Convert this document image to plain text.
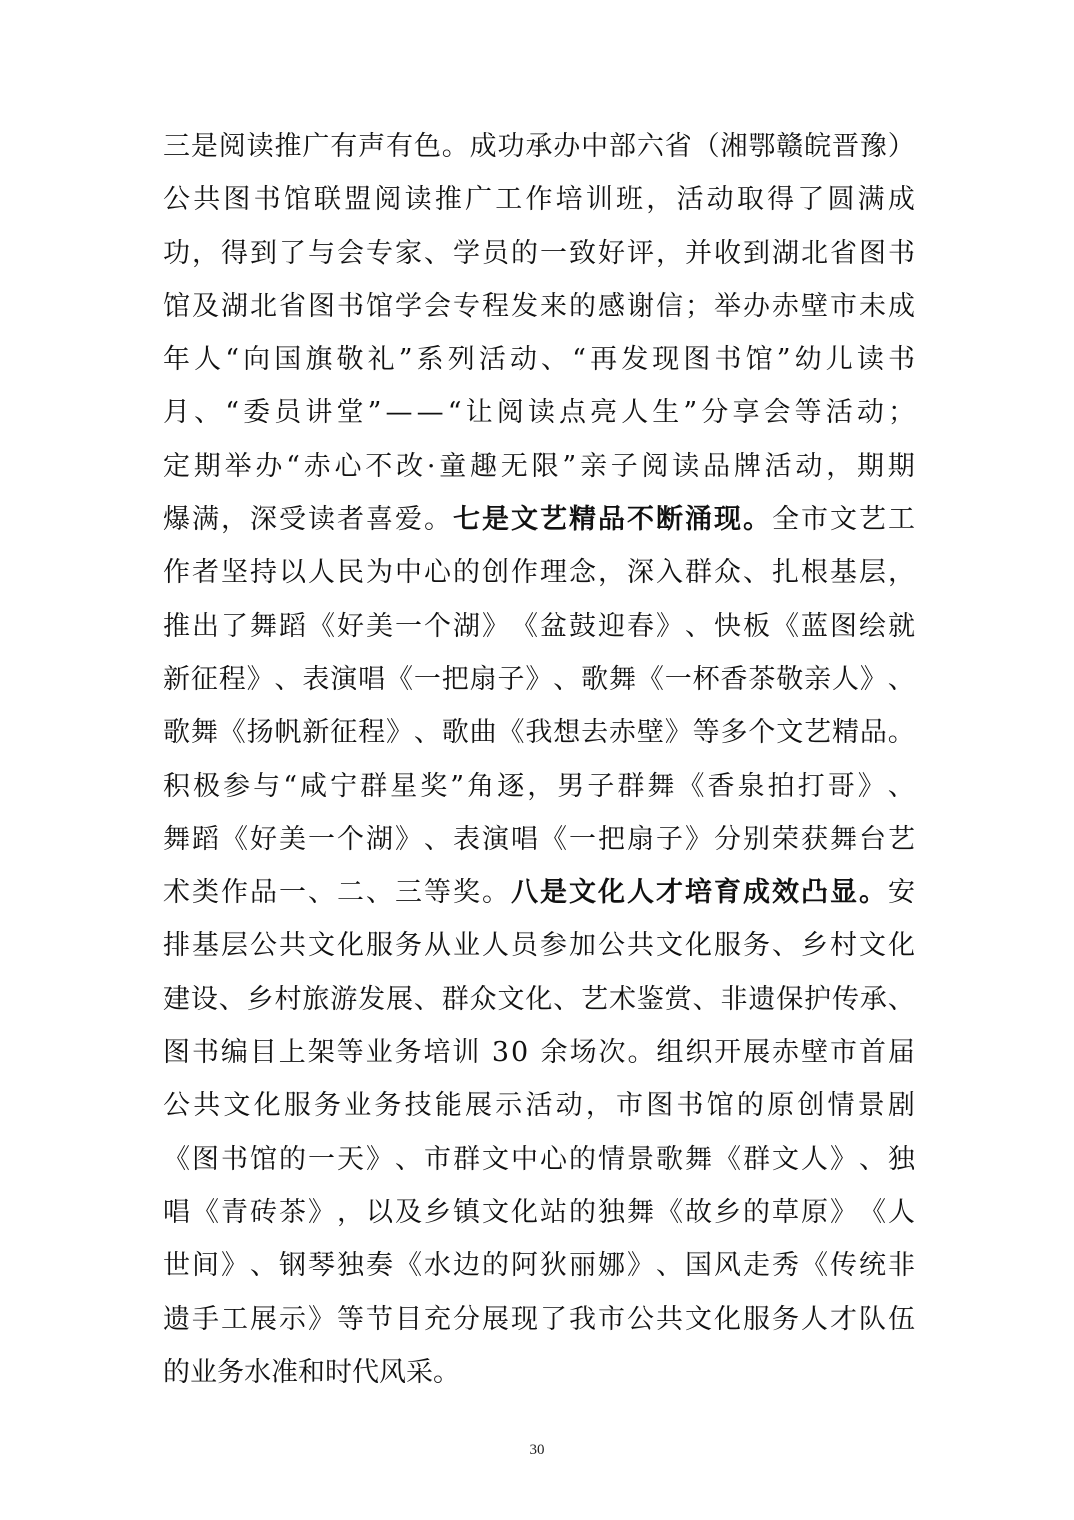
三 是 阅 读 推 广 有 声 有 色 。 成 功 承 办 中 部 六 省 （ 湘 鄂 赣 皖 晋 豫 ）
公 共 图 书 馆 联 盟 阅 读 推 广 工 作 培 训 班 ， 活 动 取 得 了 圆 满 成
功 ， 得 到 了 与 会 专 家 、 学 员 的 一 致 好 评 ， 并 收 到 湖 北 省 图 书
馆 及 湖 北 省 图 书 馆 学 会 专 程 发 来 的 感 谢 信 ； 举 办 赤 壁 市 未 成
年 人 “ 向 国 旗 敬 礼 ” 系 列 活 动 、 “ 再 发 现 图 书 馆 ” 幼 儿 读 书
月 、 “ 委 员 讲 堂 ” — — “ 让 阅 读 点 亮 人 生 ” 分 享 会 等 活 动 ；
定 期 举 办 “ 赤 心 不 改 · 童 趣 无 限 ” 亲 子 阅 读 品 牌 活 动 ， 期 期
爆 满 ， 深 受 读 者 喜 爱 。 七 是 文 艺 精 品 不 断 涌 现 。 全 市 文 艺 工
作 者 坚 持 以 人 民 为 中 心 的 创 作 理 念 ， 深 入 群 众 、 扎 根 基 层 ，
推 出 了 舞 蹈 《 好 美 一 个 湖 》 《 盆 鼓 迎 春 》 、 快 板 《 蓝 图 绘 就
新 征 程 》 、 表 演 唱 《 一 把 扇 子 》 、 歌 舞 《 一 杯 香 茶 敬 亲 人 》 、
歌 舞 《 扬 帆 新 征 程 》 、 歌 曲 《 我 想 去 赤 壁 》 等 多 个 文 艺 精 品 。
积 极 参 与 “ 咸 宁 群 星 奖 ” 角 逐 ， 男 子 群 舞 《 香 泉 拍 打 哥 》 、
舞 蹈 《 好 美 一 个 湖 》 、 表 演 唱 《 一 把 扇 子 》 分 别 荣 获 舞 台 艺
术 类 作 品 一 、 二 、 三 等 奖 。 八 是 文 化 人 才 培 育 成 效 凸 显 。 安
排 基 层 公 共 文 化 服 务 从 业 人 员 参 加 公 共 文 化 服 务 、 乡 村 文 化
建 设 、 乡 村 旅 游 发 展 、 群 众 文 化 、 艺 术 鉴 赏 、 非 遗 保 护 传 承 、
图 书 编 目 上 架 等 业 务 培 训
3 0
余 场 次 。 组 织 开 展 赤 壁 市 首 届
公 共 文 化 服 务 业 务 技 能 展 示 活 动 ， 市 图 书 馆 的 原 创 情 景 剧
《 图 书 馆 的 一 天 》 、 市 群 文 中 心 的 情 景 歌 舞 《 群 文 人 》 、 独
唱 《 青 砖 茶 》 ， 以 及 乡 镇 文 化 站 的 独 舞 《 故 乡 的 草 原 》 《 人
世 间 》 、 钢 琴 独 奏 《 水 边 的 阿 狄 丽 娜 》 、 国 风 走 秀 《 传 统 非
遗 手 工 展 示 》 等 节 目 充 分 展 现 了 我 市 公 共 文 化 服 务 人 才 队 伍
的 业 务 水 准 和 时 代 风 采 。
30
